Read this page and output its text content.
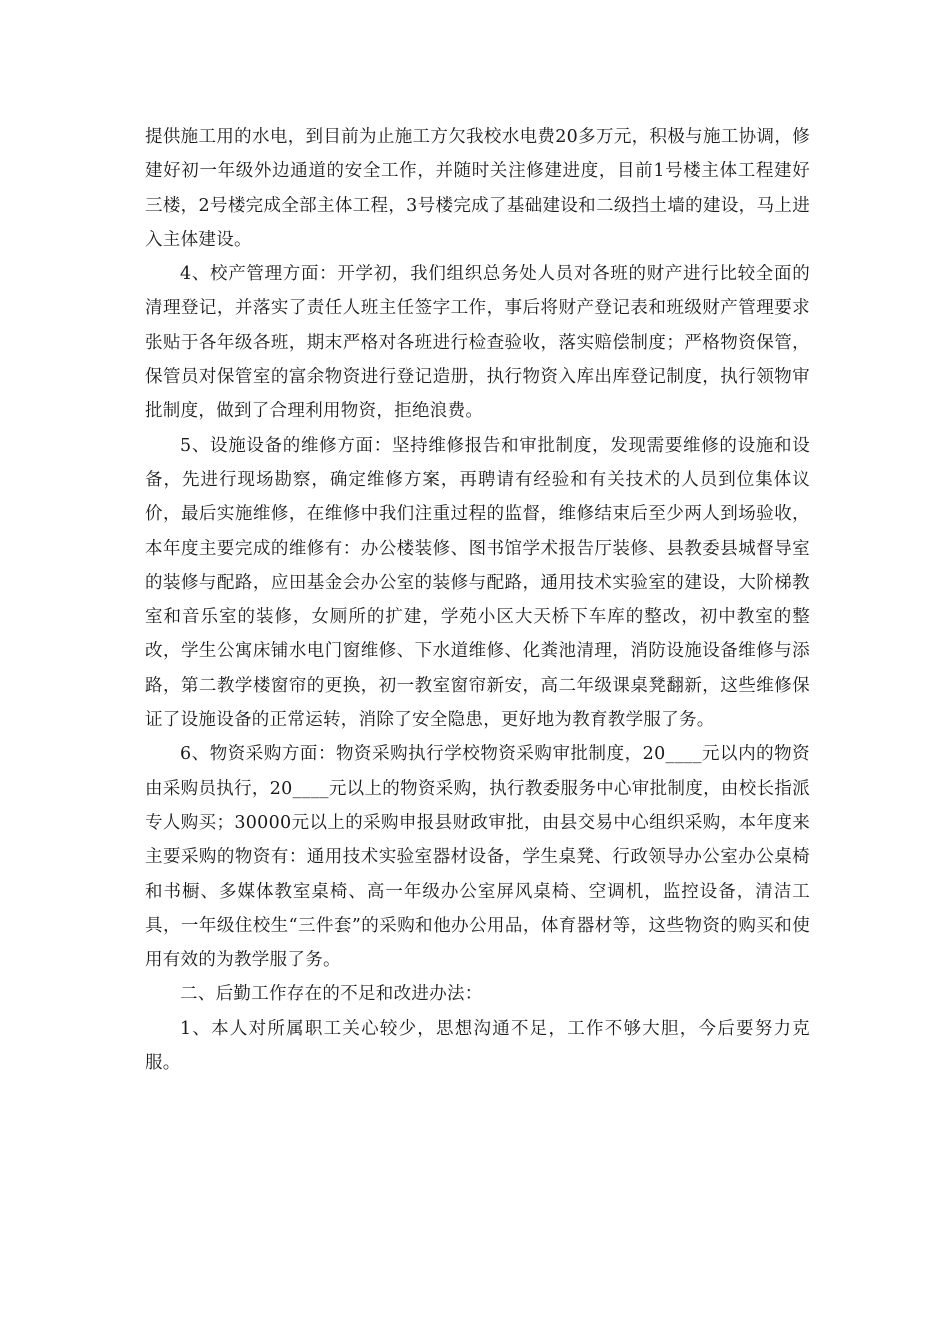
提供施工用的水电，到目前为止施工方欠我校水电费20多万元，积极与施工协调，修建好初一年级外边通道的安全工作，并随时关注修建进度，目前1号楼主体工程建好三楼，2号楼完成全部主体工程，3号楼完成了基础建设和二级挡土墙的建设，马上进入主体建设。

4、校产管理方面：开学初，我们组织总务处人员对各班的财产进行比较全面的清理登记，并落实了责任人班主任签字工作，事后将财产登记表和班级财产管理要求张贴于各年级各班，期末严格对各班进行检查验收，落实赔偿制度；严格物资保管，保管员对保管室的富余物资进行登记造册，执行物资入库出库登记制度，执行领物审批制度，做到了合理利用物资，拒绝浪费。

5、设施设备的维修方面：坚持维修报告和审批制度，发现需要维修的设施和设备，先进行现场勘察，确定维修方案，再聘请有经验和有关技术的人员到位集体议价，最后实施维修，在维修中我们注重过程的监督，维修结束后至少两人到场验收，本年度主要完成的维修有：办公楼装修、图书馆学术报告厅装修、县教委县城督导室的装修与配路，应田基金会办公室的装修与配路，通用技术实验室的建设，大阶梯教室和音乐室的装修，女厕所的扩建，学苑小区大天桥下车库的整改，初中教室的整改，学生公寓床铺水电门窗维修、下水道维修、化粪池清理，消防设施设备维修与添路，第二教学楼窗帘的更换，初一教室窗帘新安，高二年级课桌凳翻新，这些维修保证了设施设备的正常运转，消除了安全隐患，更好地为教育教学服了务。

6、物资采购方面：物资采购执行学校物资采购审批制度，20____元以内的物资由采购员执行，20____元以上的物资采购，执行教委服务中心审批制度，由校长指派专人购买；30000元以上的采购申报县财政审批，由县交易中心组织采购，本年度来主要采购的物资有：通用技术实验室器材设备，学生桌凳、行政领导办公室办公桌椅和书橱、多媒体教室桌椅、高一年级办公室屏风桌椅、空调机，监控设备，清洁工具，一年级住校生“三件套”的采购和他办公用品，体育器材等，这些物资的购买和使用有效的为教学服了务。

二、后勤工作存在的不足和改进办法：

1、本人对所属职工关心较少，思想沟通不足，工作不够大胆，今后要努力克服。
